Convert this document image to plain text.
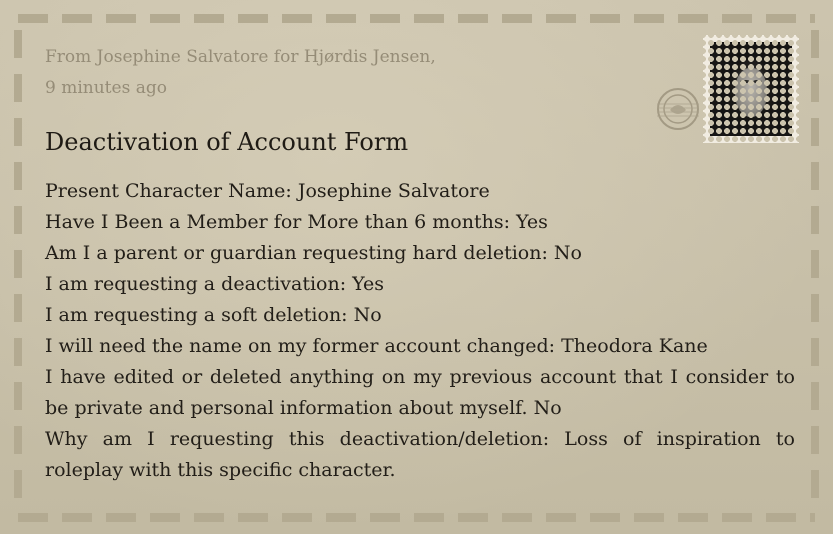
From Josephine Salvatore for Hjørdis Jensen,
9 minutes ago
Deactivation of Account Form
Present Character Name: Josephine Salvatore
Have I Been a Member for More than 6 months: Yes
Am I a parent or guardian requesting hard deletion: No
I am requesting a deactivation: Yes
I am requesting a soft deletion: No
I will need the name on my former account changed: Theodora Kane
I have edited or deleted anything on my previous account that I consider to be private and personal information about myself. No
Why am I requesting this deactivation/deletion: Loss of inspiration to roleplay with this specific character.
